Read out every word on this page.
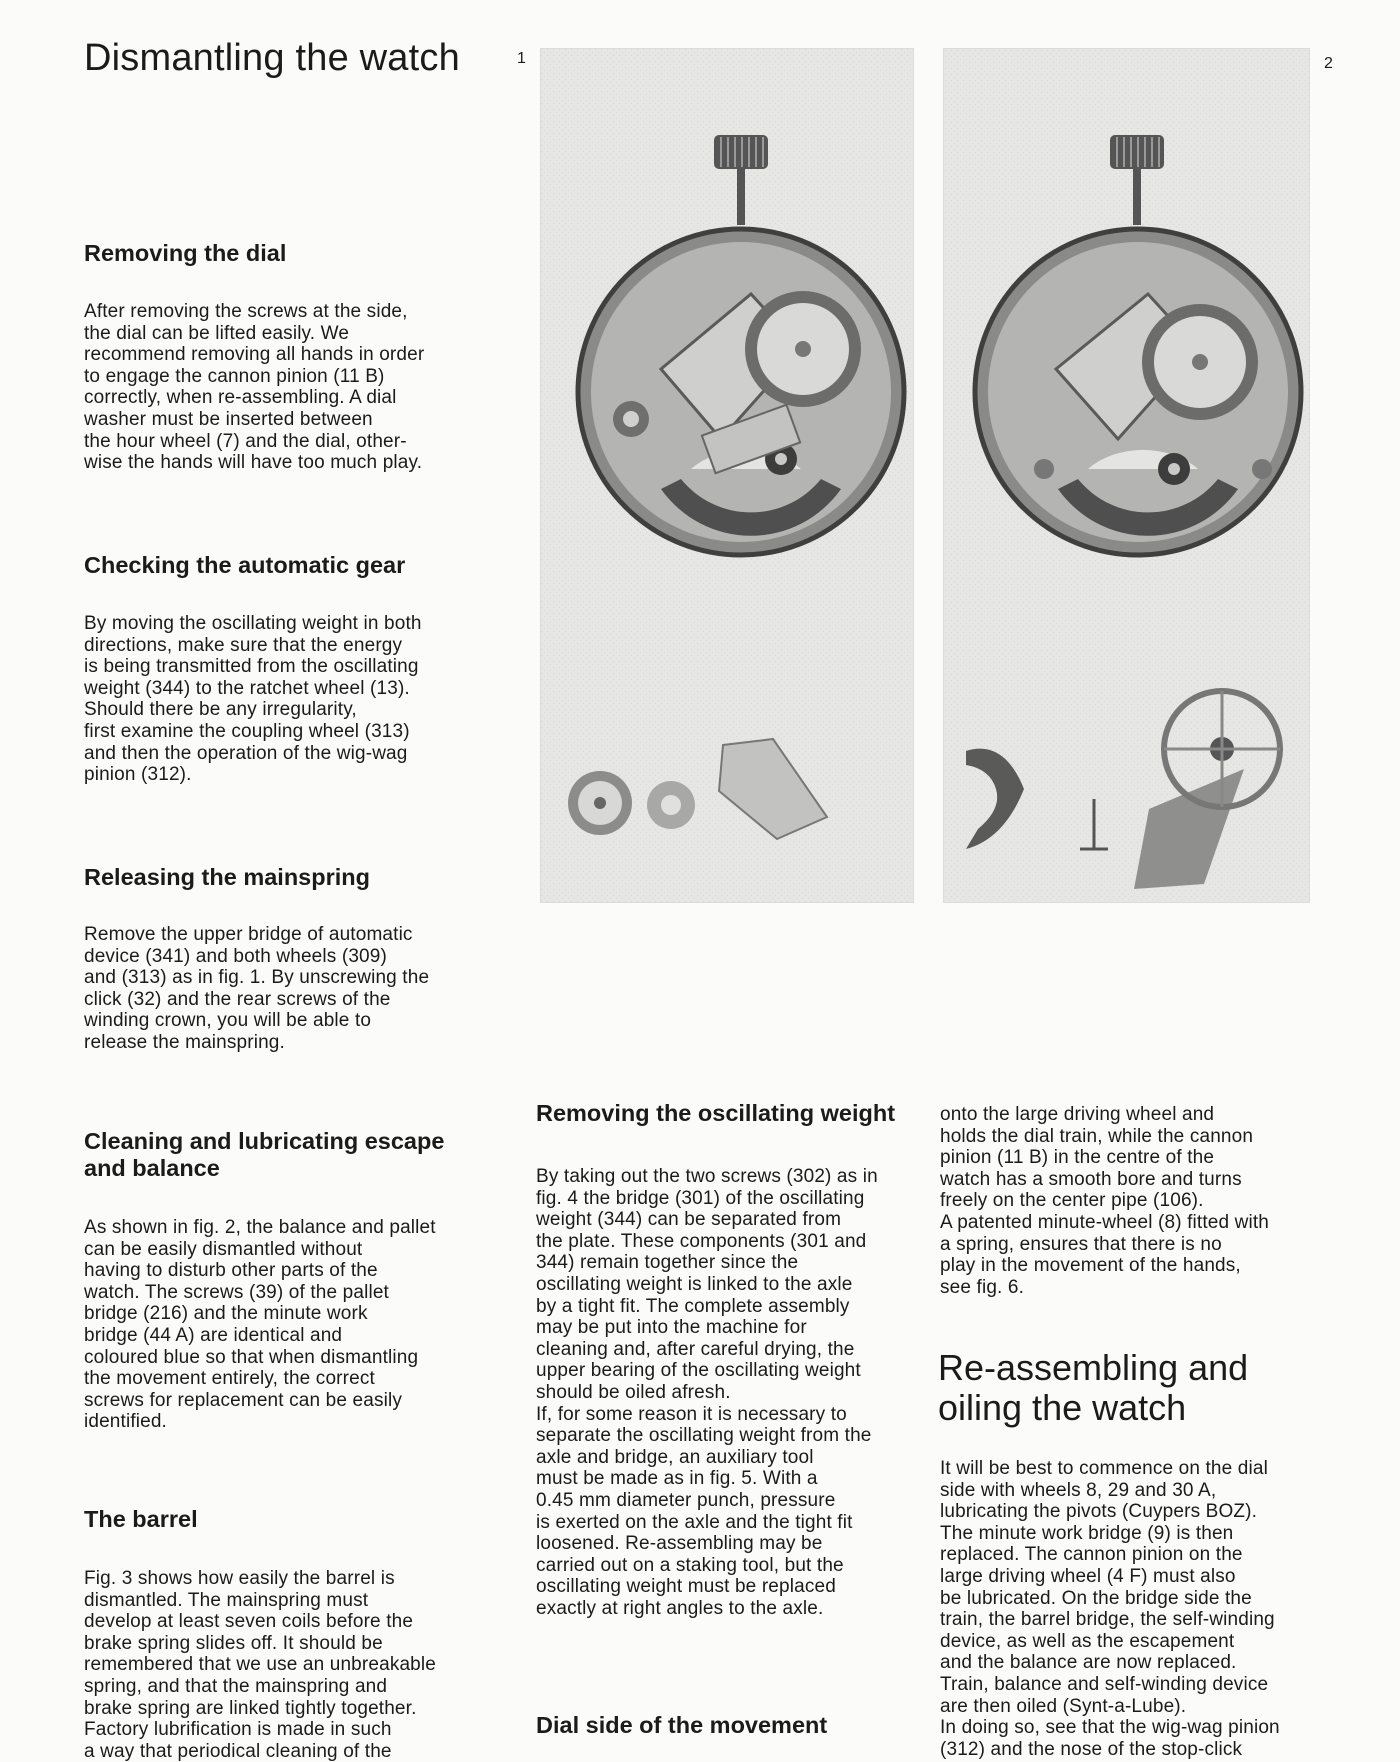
Dismantling the watch	1	2
Removing the dial

After removing the screws at the side,
the dial can be lifted easily. We
recommend removing all hands in order
to engage the cannon pinion (11 B)
correctly, when re-assembling. A dial
washer must be inserted between
the hour wheel (7) and the dial, other-
wise the hands will have too much play.

Checking the automatic gear

By moving the oscillating weight in both
directions, make sure that the energy
is being transmitted from the oscillating
weight (344) to the ratchet wheel (13).
Should there be any irregularity,
first examine the coupling wheel (313)
and then the operation of the wig-wag
pinion (312).

Releasing the mainspring

Remove the upper bridge of automatic
device (341) and both wheels (309)
and (313) as in fig. 1. By unscrewing the
click (32) and the rear screws of the
winding crown, you will be able to
release the mainspring.

Cleaning and lubricating escape
and balance

As shown in fig. 2, the balance and pallet
can be easily dismantled without
having to disturb other parts of the
watch. The screws (39) of the pallet
bridge (216) and the minute work
bridge (44 A) are identical and
coloured blue so that when dismantling
the movement entirely, the correct
screws for replacement can be easily
identified.

The barrel

Fig. 3 shows how easily the barrel is
dismantled. The mainspring must
develop at least seven coils before the
brake spring slides off. It should be
remembered that we use an unbreakable
spring, and that the mainspring and
brake spring are linked tightly together.
Factory lubrification is made in such
a way that periodical cleaning of the

Removing the oscillating weight

By taking out the two screws (302) as in
fig. 4 the bridge (301) of the oscillating
weight (344) can be separated from
the plate. These components (301 and
344) remain together since the
oscillating weight is linked to the axle
by a tight fit. The complete assembly
may be put into the machine for
cleaning and, after careful drying, the
upper bearing of the oscillating weight
should be oiled afresh.
If, for some reason it is necessary to
separate the oscillating weight from the
axle and bridge, an auxiliary tool
must be made as in fig. 5. With a
0.45 mm diameter punch, pressure
is exerted on the axle and the tight fit
loosened. Re-assembling may be
carried out on a staking tool, but the
oscillating weight must be replaced
exactly at right angles to the axle.

Dial side of the movement

onto the large driving wheel and
holds the dial train, while the cannon
pinion (11 B) in the centre of the
watch has a smooth bore and turns
freely on the center pipe (106).
A patented minute-wheel (8) fitted with
a spring, ensures that there is no
play in the movement of the hands,
see fig. 6.

Re-assembling and
oiling the watch

It will be best to commence on the dial
side with wheels 8, 29 and 30 A,
lubricating the pivots (Cuypers BOZ).
The minute work bridge (9) is then
replaced. The cannon pinion on the
large driving wheel (4 F) must also
be lubricated. On the bridge side the
train, the barrel bridge, the self-winding
device, as well as the escapement
and the balance are now replaced.
Train, balance and self-winding device
are then oiled (Synt-a-Lube).
In doing so, see that the wig-wag pinion
(312) and the nose of the stop-click
